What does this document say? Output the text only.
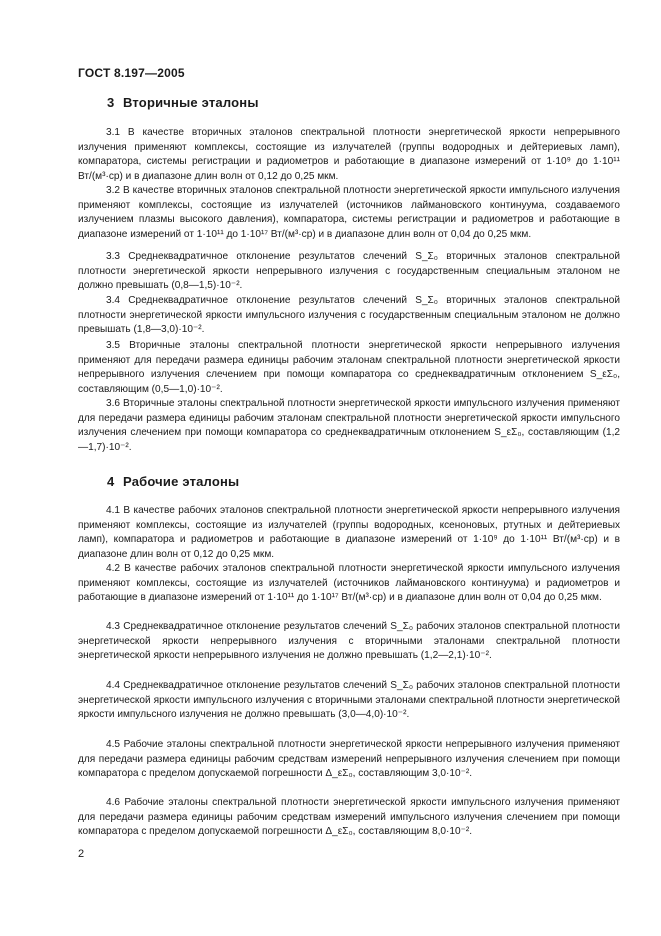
ГОСТ 8.197—2005
3 Вторичные эталоны

3.1 В качестве вторичных эталонов спектральной плотности энергетической яркости непрерывного излучения применяют комплексы, состоящие из излучателей (группы водородных и дейтериевых ламп), компаратора, системы регистрации и радиометров и работающие в диапазоне измерений от 1·10⁹ до 1·10¹¹ Вт/(м³·ср) и в диапазоне длин волн от 0,12 до 0,25 мкм.

3.2 В качестве вторичных эталонов спектральной плотности энергетической яркости импульсного излучения применяют комплексы, состоящие из излучателей (источников лаймановского континуума, создаваемого излучением плазмы высокого давления), компаратора, системы регистрации и радиометров и работающие в диапазоне измерений от 1·10¹¹ до 1·10¹⁷ Вт/(м³·ср) и в диапазоне длин волн от 0,04 до 0,25 мкм.

3.3 Среднеквадратичное отклонение результатов слечений S_Σ₀ вторичных эталонов спектральной плотности энергетической яркости непрерывного излучения с государственным специальным эталоном не должно превышать (0,8—1,5)·10⁻².

3.4 Среднеквадратичное отклонение результатов слечений S_Σ₀ вторичных эталонов спектральной плотности энергетической яркости импульсного излучения с государственным специальным эталоном не должно превышать (1,8—3,0)·10⁻².

3.5 Вторичные эталоны спектральной плотности энергетической яркости непрерывного излучения применяют для передачи размера единицы рабочим эталонам спектральной плотности энергетической яркости непрерывного излучения слечением при помощи компаратора со среднеквадратичным отклонением S_εΣ₀, составляющим (0,5—1,0)·10⁻².

3.6 Вторичные эталоны спектральной плотности энергетической яркости импульсного излучения применяют для передачи размера единицы рабочим эталонам спектральной плотности энергетической яркости импульсного излучения слечением при помощи компаратора со среднеквадратичным отклонением S_εΣ₀, составляющим (1,2—1,7)·10⁻².

4 Рабочие эталоны

4.1 В качестве рабочих эталонов спектральной плотности энергетической яркости непрерывного излучения применяют комплексы, состоящие из излучателей (группы водородных, ксеноновых, ртутных и дейтериевых ламп), компаратора и радиометров и работающие в диапазоне измерений от 1·10⁹ до 1·10¹¹ Вт/(м³·ср) и в диапазоне длин волн от 0,12 до 0,25 мкм.

4.2 В качестве рабочих эталонов спектральной плотности энергетической яркости импульсного излучения применяют комплексы, состоящие из излучателей (источников лаймановского континуума) и радиометров и работающие в диапазоне измерений от 1·10¹¹ до 1·10¹⁷ Вт/(м³·ср) и в диапазоне длин волн от 0,04 до 0,25 мкм.

4.3 Среднеквадратичное отклонение результатов слечений S_Σ₀ рабочих эталонов спектральной плотности энергетической яркости непрерывного излучения с вторичными эталонами спектральной плотности энергетической яркости непрерывного излучения не должно превышать (1,2—2,1)·10⁻².

4.4 Среднеквадратичное отклонение результатов слечений S_Σ₀ рабочих эталонов спектральной плотности энергетической яркости импульсного излучения с вторичными эталонами спектральной плотности энергетической яркости импульсного излучения не должно превышать (3,0—4,0)·10⁻².

4.5 Рабочие эталоны спектральной плотности энергетической яркости непрерывного излучения применяют для передачи размера единицы рабочим средствам измерений непрерывного излучения слечением при помощи компаратора с пределом допускаемой погрешности Δ_εΣ₀, составляющим 3,0·10⁻².

4.6 Рабочие эталоны спектральной плотности энергетической яркости импульсного излучения применяют для передачи размера единицы рабочим средствам измерений импульсного излучения слечением при помощи компаратора с пределом допускаемой погрешности Δ_εΣ₀, составляющим 8,0·10⁻².

2
